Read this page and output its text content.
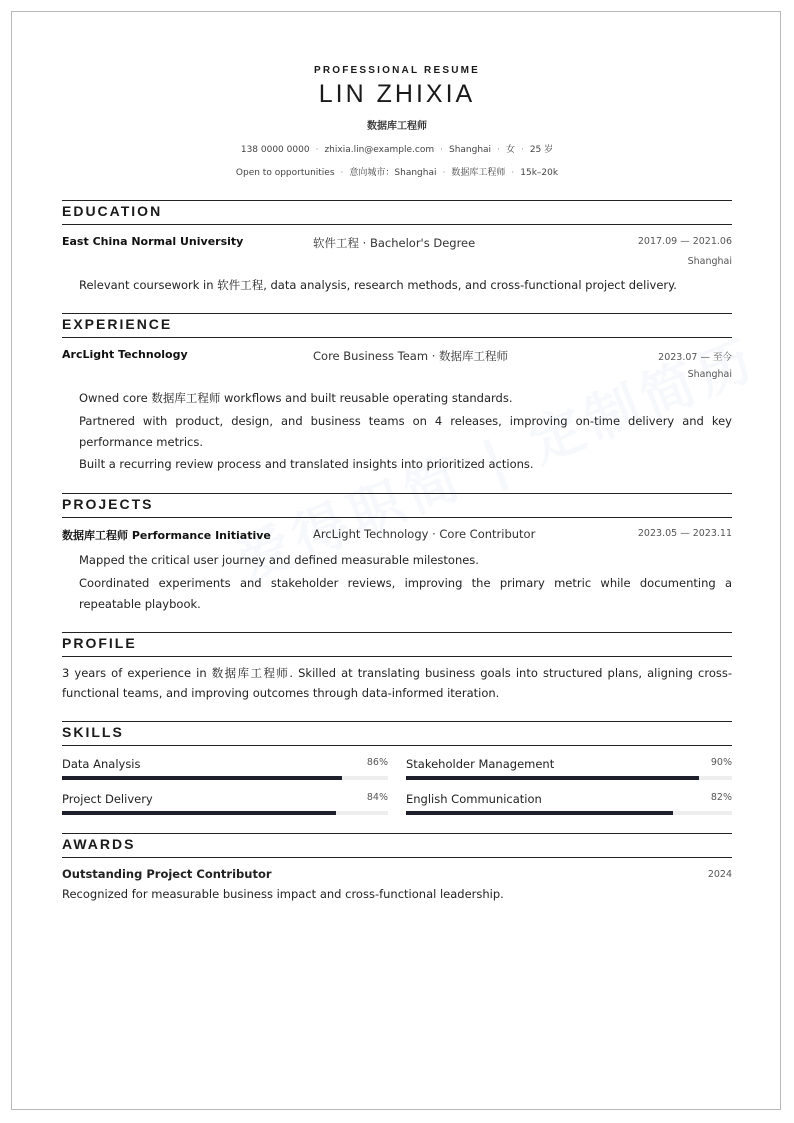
PROFESSIONAL RESUME
LIN ZHIXIA
数据库工程师
138 0000 0000 · zhixia.lin@example.com · Shanghai · 女 · 25 岁
Open to opportunities · 意向城市：Shanghai · 数据库工程师 · 15k–20k
EDUCATION
East China Normal University	软件工程 · Bachelor's Degree	2017.09 — 2021.06
Shanghai
Relevant coursework in 软件工程, data analysis, research methods, and cross-functional project delivery.
EXPERIENCE
ArcLight Technology	Core Business Team · 数据库工程师	2023.07 — 至今
Shanghai
Owned core 数据库工程师 workflows and built reusable operating standards.
Partnered with product, design, and business teams on 4 releases, improving on-time delivery and key performance metrics.
Built a recurring review process and translated insights into prioritized actions.
PROJECTS
数据库工程师 Performance Initiative	ArcLight Technology · Core Contributor	2023.05 — 2023.11
Mapped the critical user journey and defined measurable milestones.
Coordinated experiments and stakeholder reviews, improving the primary metric while documenting a repeatable playbook.
PROFILE
3 years of experience in 数据库工程师. Skilled at translating business goals into structured plans, aligning cross-functional teams, and improving outcomes through data-informed iteration.
SKILLS
Data Analysis	86% Stakeholder Management	90%
Project Delivery	84% English Communication	82%
AWARDS
Outstanding Project Contributor	2024
Recognized for measurable business impact and cross-functional leadership.
